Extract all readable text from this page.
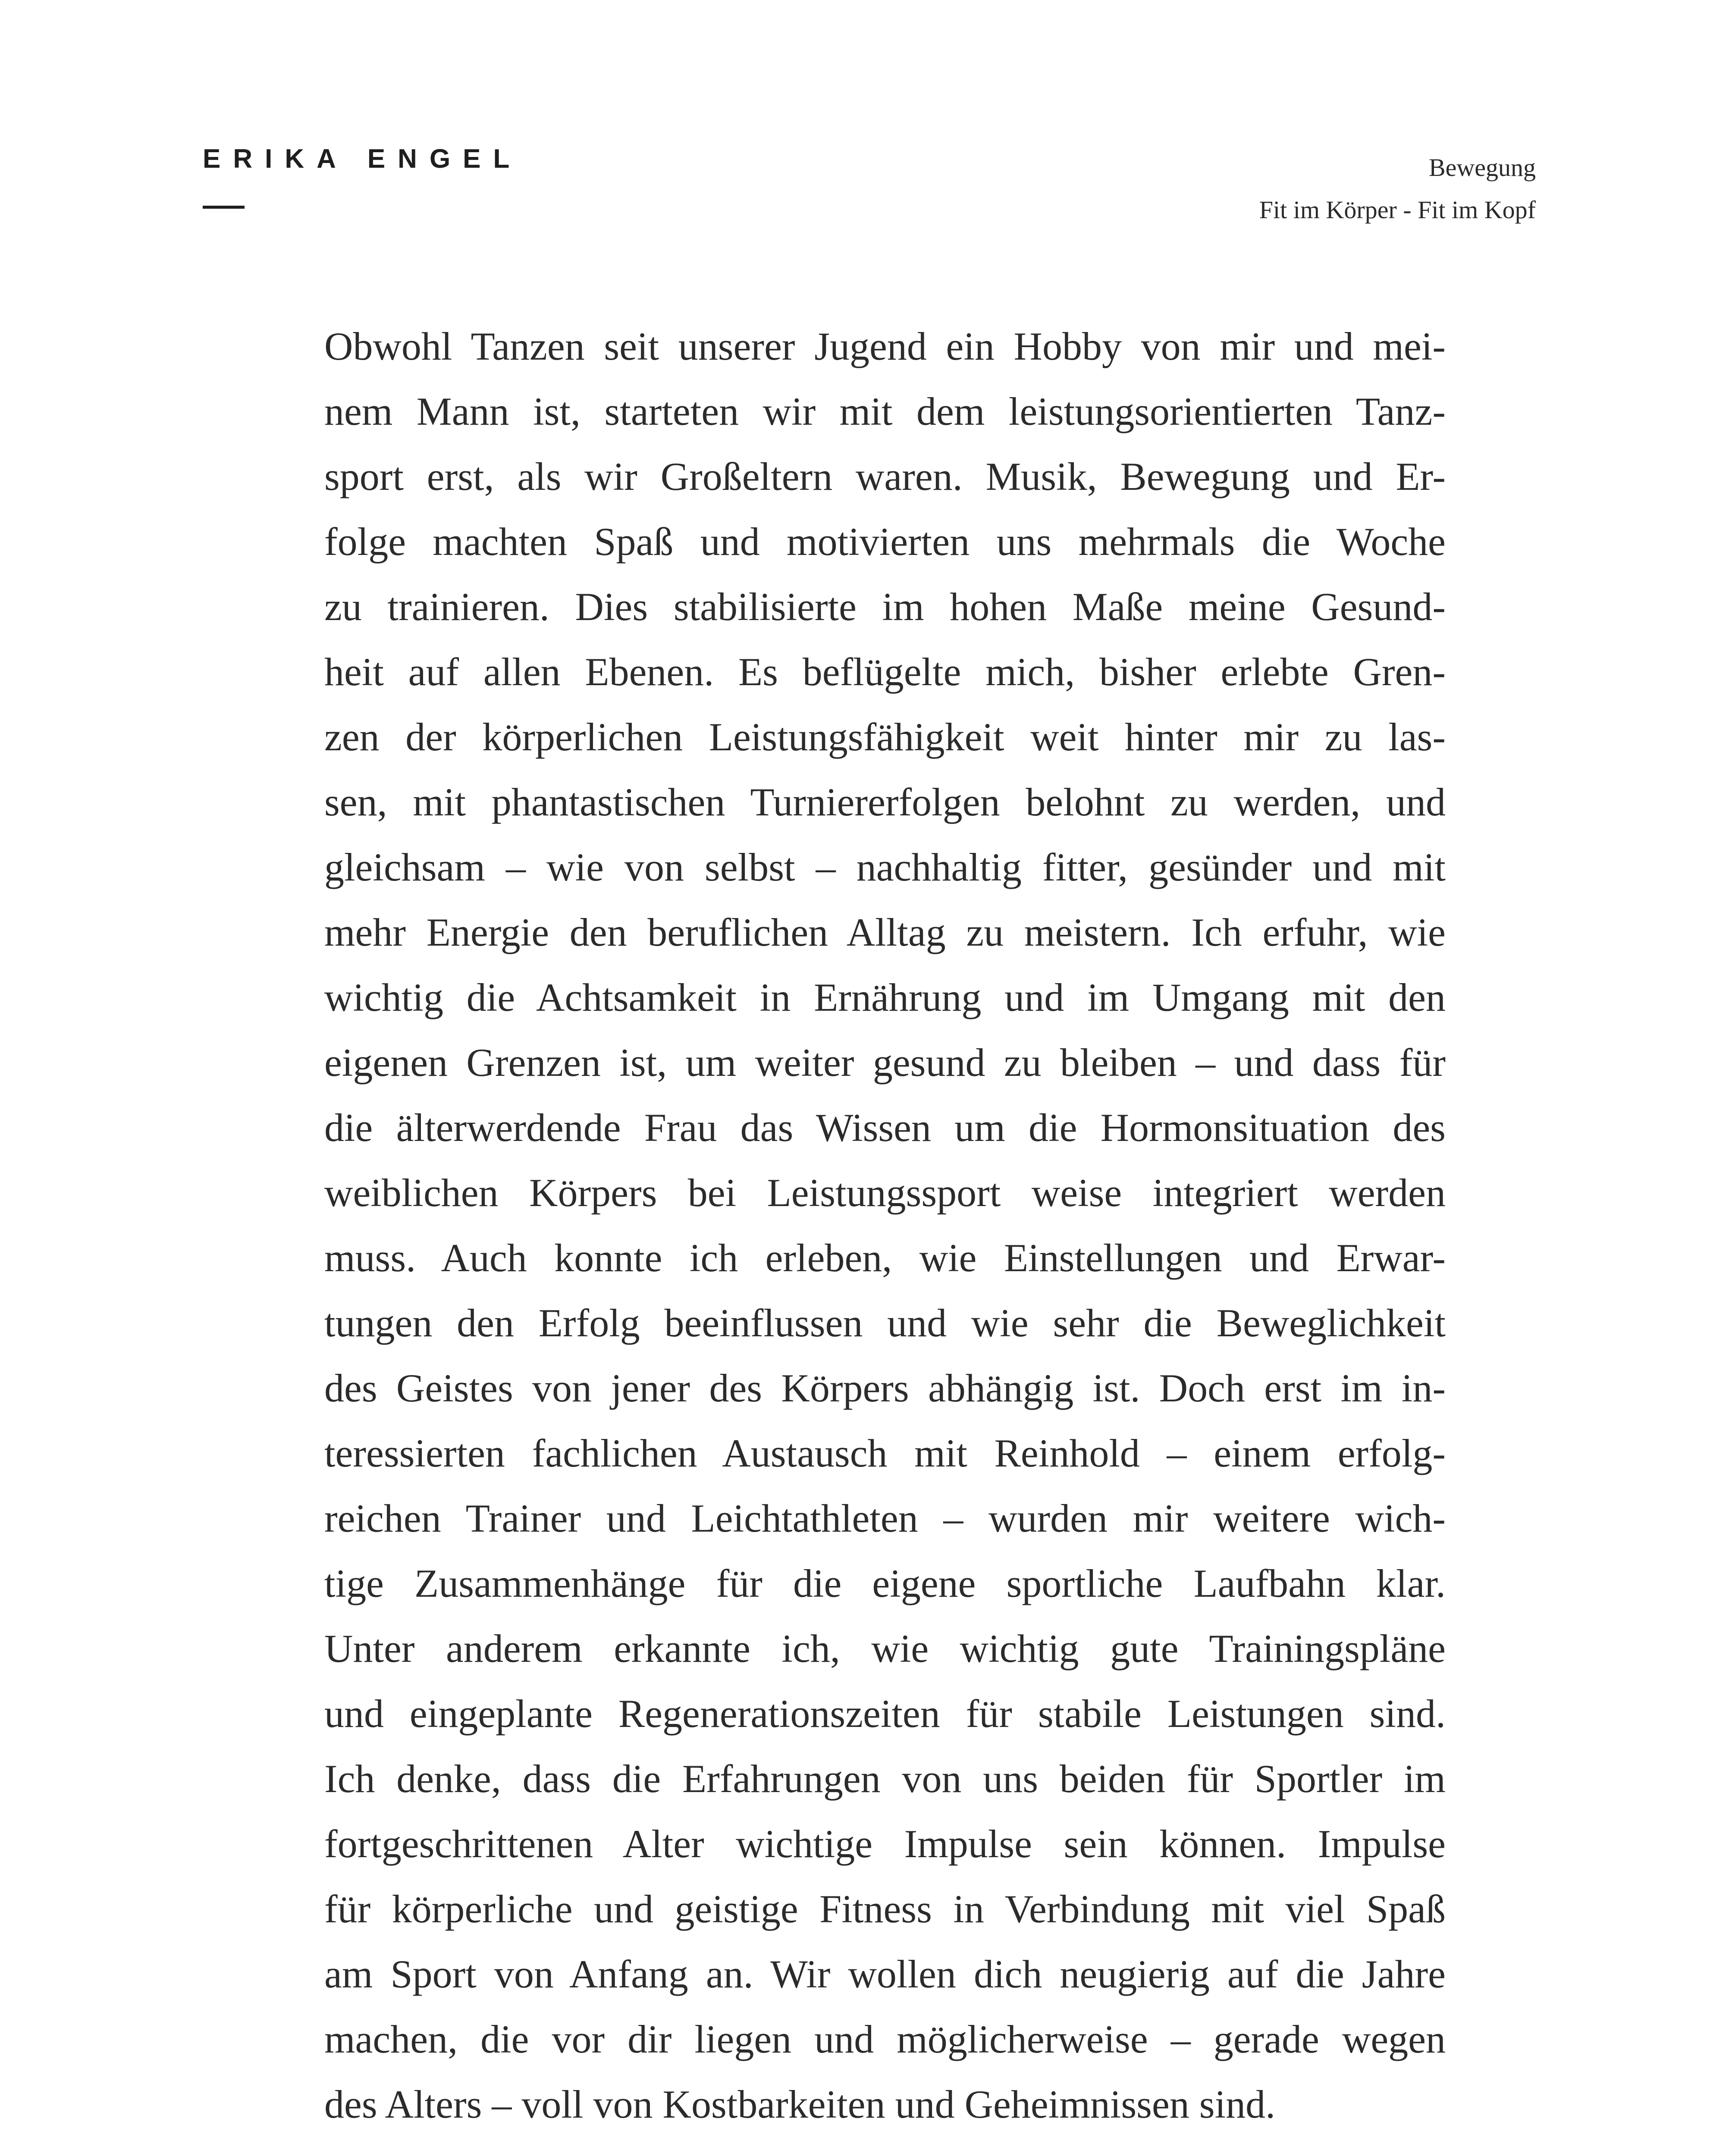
ERIKA ENGEL	Bewegung
Fit im Körper - Fit im Kopf
Obwohl Tanzen seit unserer Jugend ein Hobby von mir und mei-
nem Mann ist, starteten wir mit dem leistungsorientierten Tanz-
sport erst, als wir Großeltern waren. Musik, Bewegung und Er-
folge machten Spaß und motivierten uns mehrmals die Woche
zu trainieren. Dies stabilisierte im hohen Maße meine Gesund-
heit auf allen Ebenen. Es beflügelte mich, bisher erlebte Gren-
zen der körperlichen Leistungsfähigkeit weit hinter mir zu las-
sen, mit phantastischen Turniererfolgen belohnt zu werden, und
gleichsam – wie von selbst – nachhaltig fitter, gesünder und mit
mehr Energie den beruflichen Alltag zu meistern. Ich erfuhr, wie
wichtig die Achtsamkeit in Ernährung und im Umgang mit den
eigenen Grenzen ist, um weiter gesund zu bleiben – und dass für
die älterwerdende Frau das Wissen um die Hormonsituation des
weiblichen Körpers bei Leistungssport weise integriert werden
muss. Auch konnte ich erleben, wie Einstellungen und Erwar-
tungen den Erfolg beeinflussen und wie sehr die Beweglichkeit
des Geistes von jener des Körpers abhängig ist. Doch erst im in-
teressierten fachlichen Austausch mit Reinhold – einem erfolg-
reichen Trainer und Leichtathleten – wurden mir weitere wich-
tige Zusammenhänge für die eigene sportliche Laufbahn klar.
Unter anderem erkannte ich, wie wichtig gute Trainingspläne
und eingeplante Regenerationszeiten für stabile Leistungen sind.
Ich denke, dass die Erfahrungen von uns beiden für Sportler im
fortgeschrittenen Alter wichtige Impulse sein können. Impulse
für körperliche und geistige Fitness in Verbindung mit viel Spaß
am Sport von Anfang an. Wir wollen dich neugierig auf die Jahre
machen, die vor dir liegen und möglicherweise – gerade wegen
des Alters – voll von Kostbarkeiten und Geheimnissen sind.
